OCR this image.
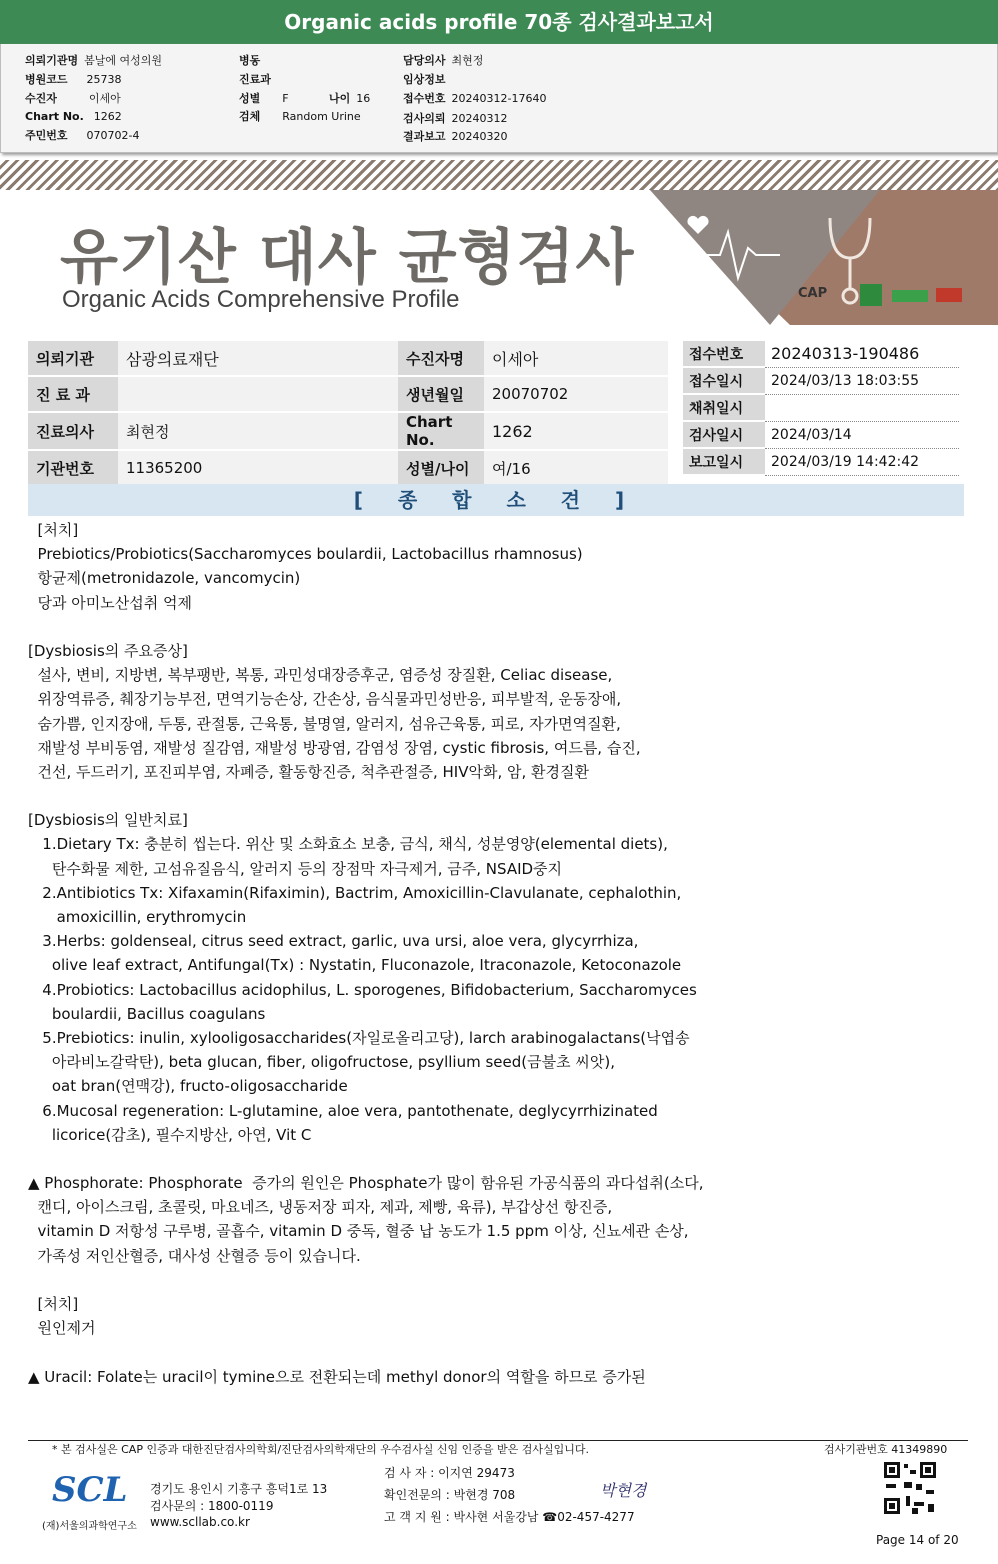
Organic acids profile 70종 검사결과보고서
의뢰기관명 봄날에 여성의원
병원코드 25738
수진자	이세아
Chart No. 1262
주민번호 070702-4
병동
진료과
성별 F	나이 16
검체 Random Urine
담당의사 최현정
임상정보
접수번호 20240312-17640
검사의뢰 20240312
결과보고 20240320
유기산 대사 균형검사
Organic Acids Comprehensive Profile	CAP
의뢰기관	삼광의료재단	수진자명	이세아
진 료 과		생년월일	20070702
진료의사	최현정	Chart No.	1262
기관번호	11365200	성별/나이	여/16
접수번호	20240313-190486
접수일시	2024/03/13 18:03:55
채취일시	
검사일시	2024/03/14
보고일시	2024/03/19 14:42:42
[ 종 합 소 견 ]
[처치]
Prebiotics/Probiotics(Saccharomyces boulardii, Lactobacillus rhamnosus)
항균제(metronidazole, vancomycin)
당과 아미노산섭취 억제
[Dysbiosis의 주요증상]
설사, 변비, 지방변, 복부팽반, 복통, 과민성대장증후군, 염증성 장질환, Celiac disease,
위장역류증, 췌장기능부전, 면역기능손상, 간손상, 음식물과민성반응, 피부발적, 운동장애,
숨가쁨, 인지장애, 두통, 관절통, 근육통, 불명열, 알러지, 섬유근육통, 피로, 자가면역질환,
재발성 부비동염, 재발성 질감염, 재발성 방광염, 감염성 장염, cystic fibrosis, 여드름, 습진,
건선, 두드러기, 포진피부염, 자폐증, 활동항진증, 척추관절증, HIV악화, 암, 환경질환
[Dysbiosis의 일반치료]
1.Dietary Tx: 충분히 씹는다. 위산 및 소화효소 보충, 금식, 채식, 성분영양(elemental diets),
탄수화물 제한, 고섬유질음식, 알러지 등의 장점막 자극제거, 금주, NSAID중지
2.Antibiotics Tx: Xifaxamin(Rifaximin), Bactrim, Amoxicillin-Clavulanate, cephalothin,
amoxicillin, erythromycin
3.Herbs: goldenseal, citrus seed extract, garlic, uva ursi, aloe vera, glycyrrhiza,
olive leaf extract, Antifungal(Tx) : Nystatin, Fluconazole, Itraconazole, Ketoconazole
4.Probiotics: Lactobacillus acidophilus, L. sporogenes, Bifidobacterium, Saccharomyces
boulardii, Bacillus coagulans
5.Prebiotics: inulin, xylooligosaccharides(자일로올리고당), larch arabinogalactans(낙엽송
아라비노갈락탄), beta glucan, fiber, oligofructose, psyllium seed(금불초 씨앗),
oat bran(연맥강), fructo-oligosaccharide
6.Mucosal regeneration: L-glutamine, aloe vera, pantothenate, deglycyrrhizinated
licorice(감초), 필수지방산, 아연, Vit C
▲ Phosphorate: Phosphorate  증가의 원인은 Phosphate가 많이 함유된 가공식품의 과다섭취(소다,
캔디, 아이스크림, 초콜릿, 마요네즈, 냉동저장 피자, 제과, 제빵, 육류), 부갑상선 항진증,
vitamin D 저항성 구루병, 골흡수, vitamin D 중독, 혈중 납 농도가 1.5 ppm 이상, 신뇨세관 손상,
가족성 저인산혈증, 대사성 산혈증 등이 있습니다.
[처치]
원인제거
▲ Uracil: Folate는 uracil이 tymine으로 전환되는데 methyl donor의 역할을 하므로 증가된
* 본 검사실은 CAP 인증과 대한진단검사의학회/진단검사의학재단의 우수검사실 신임 인증을 받은 검사실입니다.	검사기관번호 41349890
SCL
(재)서울의과학연구소
경기도 용인시 기흥구 흥덕1로 13
검사문의 : 1800-0119
www.scllab.co.kr
검 사 자 : 이지연 29473
확인전문의 : 박현경 708
고 객 지 원 : 박사현 서울강남 ☎02-457-4277
박현경
Page 14 of 20
